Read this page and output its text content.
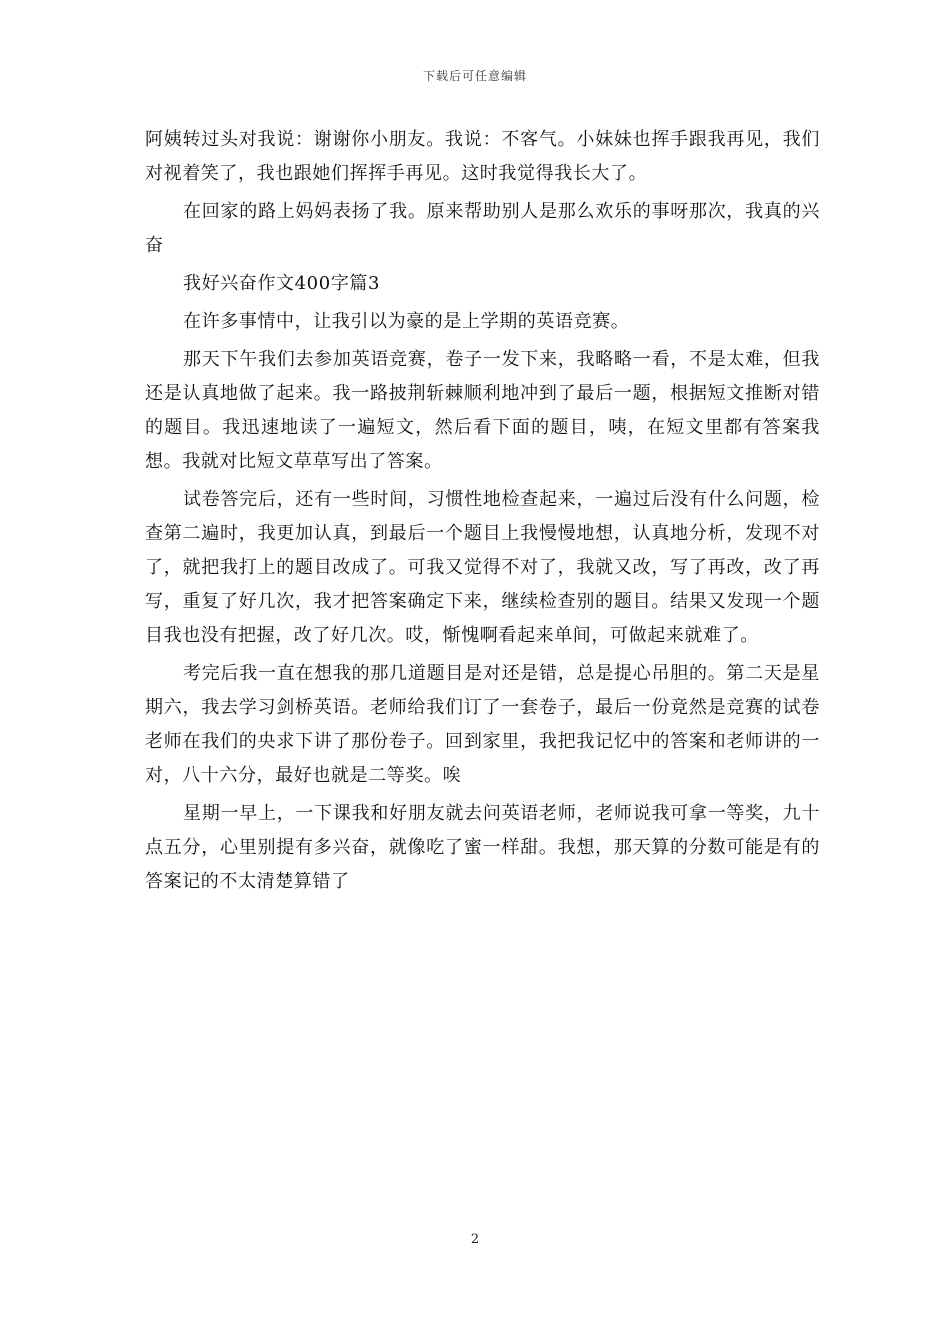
下载后可任意编辑

阿姨转过头对我说：谢谢你小朋友。我说：不客气。小妹妹也挥手跟我再见，我们对视着笑了，我也跟她们挥挥手再见。这时我觉得我长大了。

在回家的路上妈妈表扬了我。原来帮助别人是那么欢乐的事呀那次，我真的兴奋

我好兴奋作文400字篇3

在许多事情中，让我引以为豪的是上学期的英语竞赛。

那天下午我们去参加英语竞赛，卷子一发下来，我略略一看，不是太难，但我还是认真地做了起来。我一路披荆斩棘顺利地冲到了最后一题，根据短文推断对错的题目。我迅速地读了一遍短文，然后看下面的题目，咦，在短文里都有答案我想。我就对比短文草草写出了答案。

试卷答完后，还有一些时间，习惯性地检查起来，一遍过后没有什么问题，检查第二遍时，我更加认真，到最后一个题目上我慢慢地想，认真地分析，发现不对了，就把我打上的题目改成了。可我又觉得不对了，我就又改，写了再改，改了再写，重复了好几次，我才把答案确定下来，继续检查别的题目。结果又发现一个题目我也没有把握，改了好几次。哎，惭愧啊看起来单间，可做起来就难了。

考完后我一直在想我的那几道题目是对还是错，总是提心吊胆的。第二天是星期六，我去学习剑桥英语。老师给我们订了一套卷子，最后一份竟然是竞赛的试卷老师在我们的央求下讲了那份卷子。回到家里，我把我记忆中的答案和老师讲的一对，八十六分，最好也就是二等奖。唉

星期一早上，一下课我和好朋友就去问英语老师，老师说我可拿一等奖，九十点五分，心里别提有多兴奋，就像吃了蜜一样甜。我想，那天算的分数可能是有的答案记的不太清楚算错了

2
